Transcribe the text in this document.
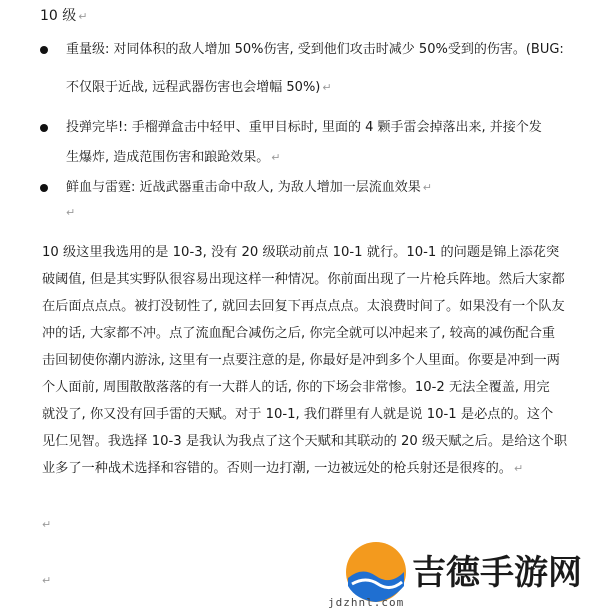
10 级 ↵
重量级: 对同体积的敌人增加 50%伤害, 受到他们攻击时减少 50%受到的伤害。(BUG:
不仅限于近战, 远程武器伤害也会增幅 50%) ↵
投弹完毕!: 手榴弹盒击中轻甲、重甲目标时, 里面的 4 颗手雷会掉落出来, 并接个发
生爆炸, 造成范围伤害和踉跄效果。 ↵
鲜血与雷霆: 近战武器重击命中敌人, 为敌人增加一层流血效果 ↵
↵
10 级这里我选用的是 10-3, 没有 20 级联动前点 10-1 就行。10-1 的问题是锦上添花突
破阈值, 但是其实野队很容易出现这样一种情况。你前面出现了一片枪兵阵地。然后大家都
在后面点点点。被打没韧性了, 就回去回复下再点点点。太浪费时间了。如果没有一个队友
冲的话, 大家都不冲。点了流血配合减伤之后, 你完全就可以冲起来了, 较高的减伤配合重
击回韧使你潮内游泳, 这里有一点要注意的是, 你最好是冲到多个人里面。你要是冲到一两
个人面前, 周围散散落落的有一大群人的话, 你的下场会非常惨。10-2 无法全覆盖, 用完
就没了, 你又没有回手雷的天赋。对于 10-1, 我们群里有人就是说 10-1 是必点的。这个
见仁见智。我选择 10-3 是我认为我点了这个天赋和其联动的 20 级天赋之后。是给这个职
业多了一种战术选择和容错的。否则一边打潮, 一边被远处的枪兵射还是很疼的。 ↵
↵
↵	吉德手游网
jdzhnl.com
